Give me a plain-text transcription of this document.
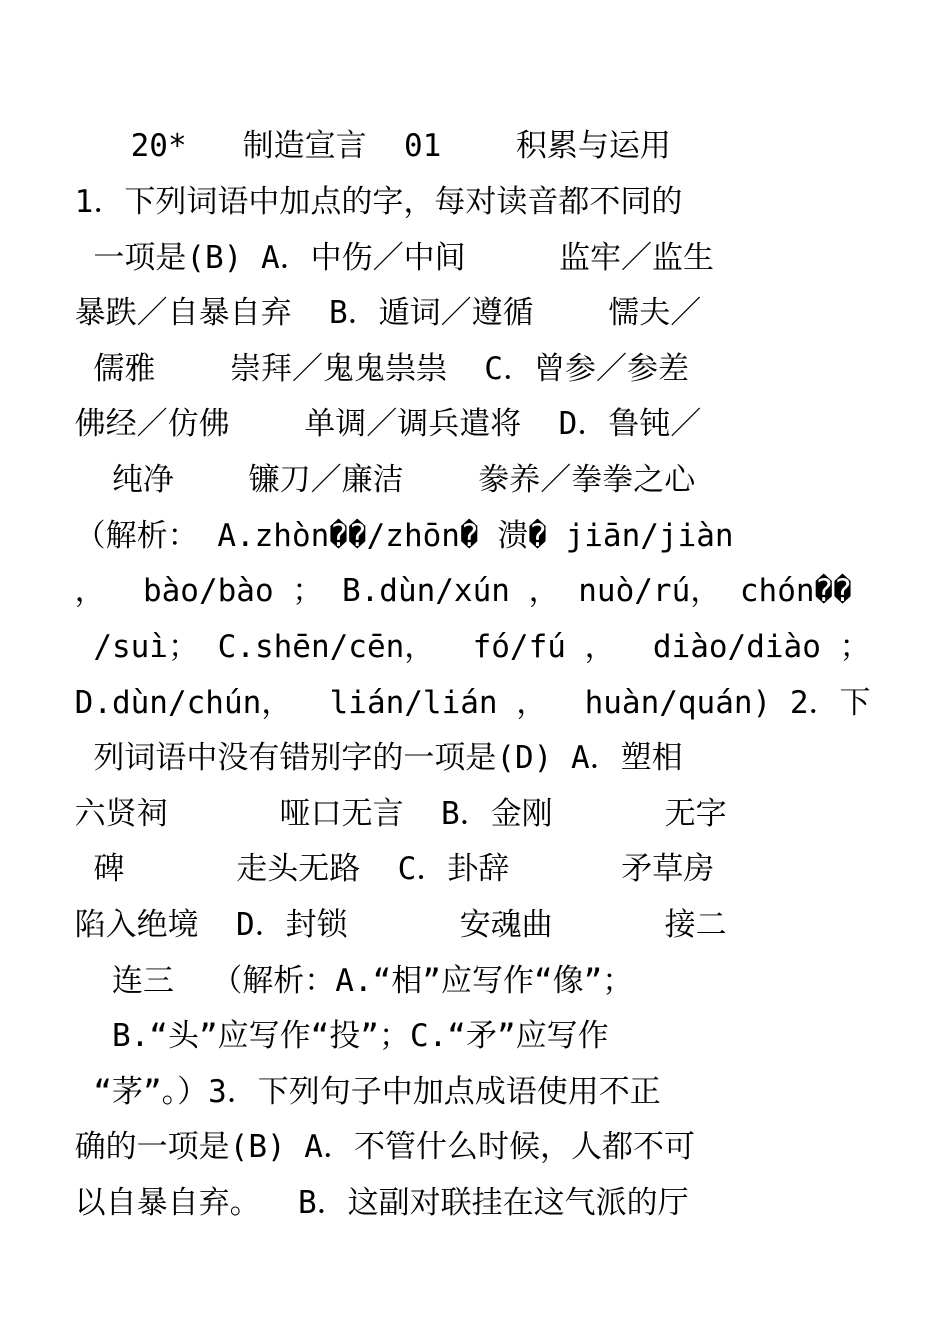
20*   制造宣言  01    积累与运用
1．下列词语中加点的字，每对读音都不同的
一项是(B) A．中伤／中间     监牢／监生
暴跌／自暴自弃  B．遁词／遵循    懦夫／
儒雅    崇拜／鬼鬼祟祟  C．曾参／参差
佛经／仿佛    单调／调兵遣将  D．鲁钝／
纯净    镰刀／廉洁    豢养／拳拳之心
（解析： A.zhòn��/zhōn� 溃� jiān/jiàn
，  bào/bào ； B.dùn/xún ， nuò/rú， chón��
/suì； C.shēn/cēn，  fó/fú ，  diào/diào ；
D.dùn/chún，  lián/lián ，  huàn/quán) 2．下
列词语中没有错别字的一项是(D) A．塑相
六贤祠      哑口无言  B．金刚      无字
碑      走头无路  C．卦辞      矛草房
陷入绝境  D．封锁      安魂曲      接二
连三  （解析：A.“相”应写作“像”；
B.“头”应写作“投”；C.“矛”应写作
“茅”。）3．下列句子中加点成语使用不正
确的一项是(B) A．不管什么时候，人都不可
以自暴自弃。  B．这副对联挂在这气派的厅
